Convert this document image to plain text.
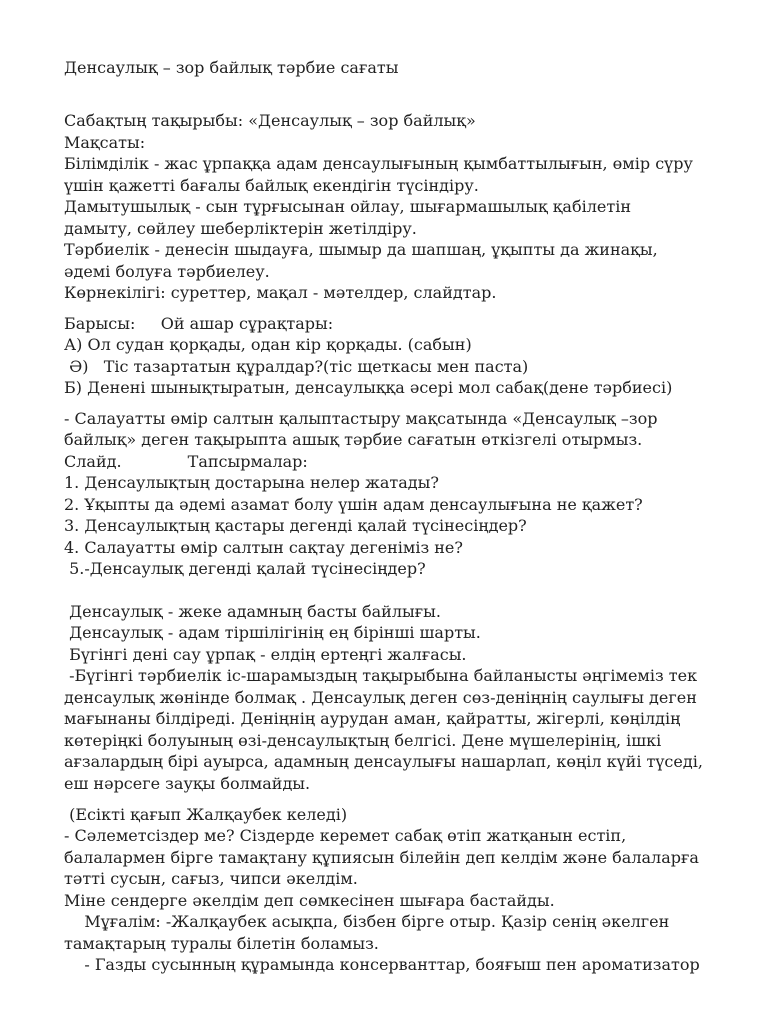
Денсаулық – зор байлық тәрбие сағаты

Сабақтың тақырыбы: «Денсаулық – зор байлық»

Мақсаты:

Білімділік - жас ұрпаққа адам денсаулығының қымбаттылығын, өмір сүру

үшін қажетті бағалы байлық екендігін түсіндіру.

Дамытушылық - сын тұрғысынан ойлау, шығармашылық қабілетін

дамыту, сөйлеу шеберліктерін жетілдіру.

Тәрбиелік - денесін шыдауға, шымыр да шапшаң, ұқыпты да жинақы,

әдемі болуға тәрбиелеу.

Көрнекілігі: суреттер, мақал - мәтелдер, слайдтар.

Барысы:     Ой ашар сұрақтары:

А) Ол судан қорқады, одан кір қорқады. (сабын)

Ә)   Тіс тазартатын құралдар?(тіс щеткасы мен паста)

Б) Денені шынықтыратын, денсаулыққа әсері мол сабақ(дене тәрбиесі)

- Салауатты өмір салтын қалыптастыру мақсатында «Денсаулық –зор

байлық» деген тақырыпта ашық тәрбие сағатын өткізгелі отырмыз.

Слайд.             Тапсырмалар:

1. Денсаулықтың достарына нелер жатады?

2. Ұқыпты да әдемі азамат болу үшін адам денсаулығына не қажет?

3. Денсаулықтың қастары дегенді қалай түсінесіңдер?

4. Салауатты өмір салтын сақтау дегеніміз не?

5.-Денсаулық дегенді қалай түсінесіңдер?

Денсаулық - жеке адамның басты байлығы.

Денсаулық - адам тіршілігінің ең бірінші шарты.

Бүгінгі дені сау ұрпақ - елдің ертеңгі жалғасы.

-Бүгінгі тәрбиелік іс-шарамыздың тақырыбына байланысты әңгімеміз тек

денсаулық жөнінде болмақ . Денсаулық деген сөз-деніңнің саулығы деген

мағынаны білдіреді. Деніңнің аурудан аман, қайратты, жігерлі, көңілдің

көтеріңкі болуының өзі-денсаулықтың белгісі. Дене мүшелерінің, ішкі

ағзалардың бірі ауырса, адамның денсаулығы нашарлап, көңіл күйі түседі,

еш нәрсеге зауқы болмайды.

(Есікті қағып Жалқаубек келеді)

- Сәлеметсіздер ме? Сіздерде керемет сабақ өтіп жатқанын естіп,

балалармен бірге тамақтану құпиясын білейін деп келдім және балаларға

тәтті сусын, сағыз, чипси әкелдім.

Міне сендерге әкелдім деп сөмкесінен шығара бастайды.

Мұғалім: -Жалқаубек асықпа, бізбен бірге отыр. Қазір сенің әкелген

тамақтарың туралы білетін боламыз.

- Газды сусынның құрамында консерванттар, бояғыш пен ароматизатор
